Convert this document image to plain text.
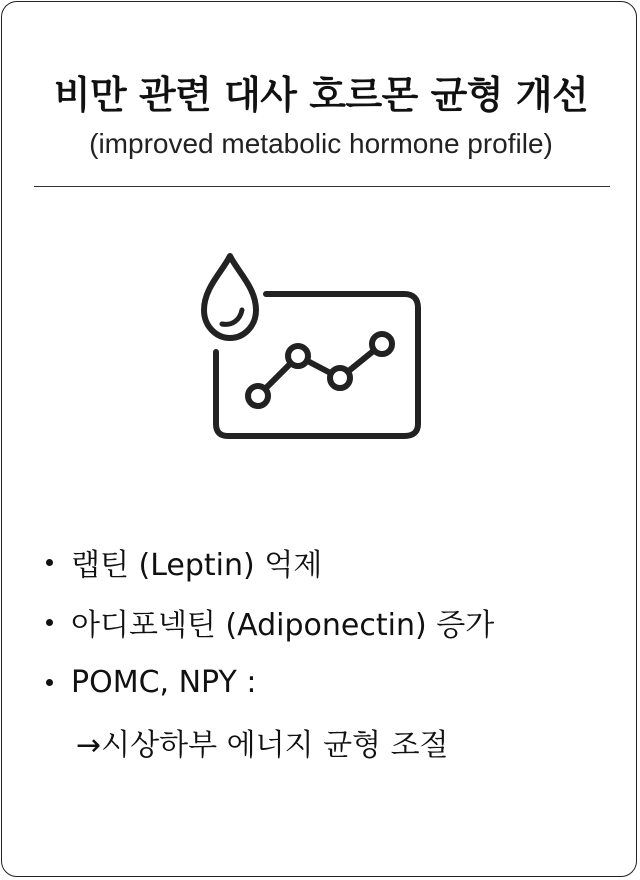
비만 관련 대사 호르몬 균형 개선
(improved metabolic hormone profile)
랩틴 (Leptin) 억제
아디포넥틴 (Adiponectin) 증가
POMC, NPY :
→시상하부 에너지 균형 조절
